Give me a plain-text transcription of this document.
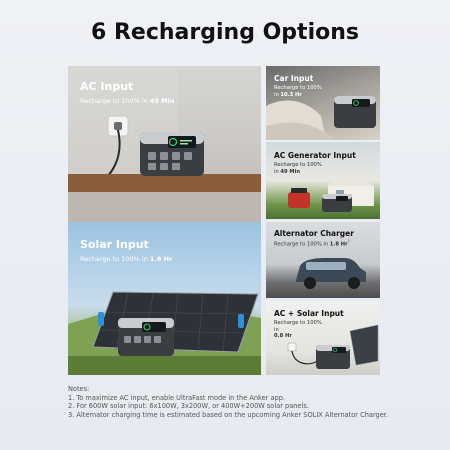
6 Recharging Options
AC Input
Recharge to 100% in 49 Min
Solar Input
Recharge to 100% in 1.8 Hr
Car Input
Recharge to 100%
in 10.3 Hr
AC Generator Input
Recharge to 100%
in 49 Min
Alternator Charger
Recharge to 100% in 1.8 $Hr^{^3}$
AC + Solar Input
Recharge to 100%
in
0.8 Hr
Notes:
1. To maximize AC input, enable UltraFast mode in the Anker app.
2. For 600W solar input: 6x100W, 3x200W, or 400W+200W solar panels.
3. Alternator charging time is estimated based on the upcoming Anker SOLIX Alternator Charger.
